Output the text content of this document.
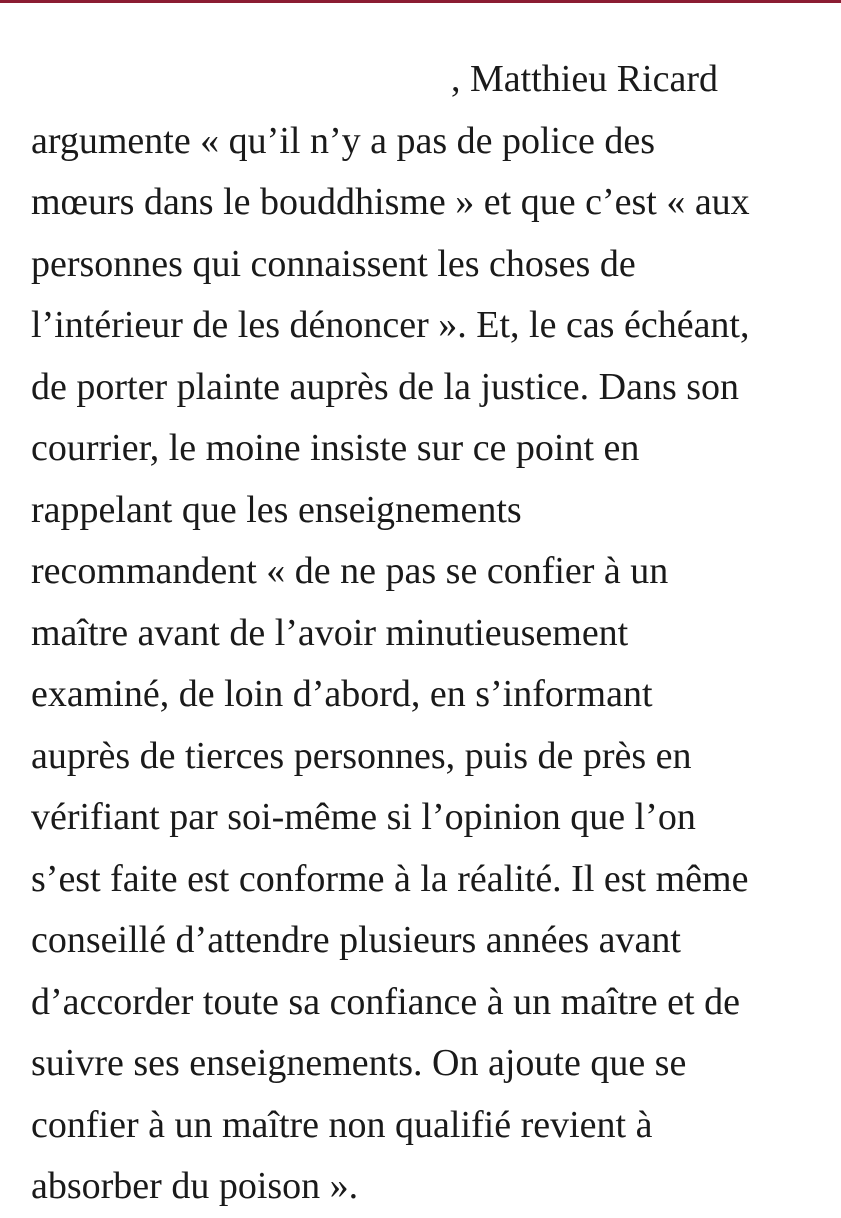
, Matthieu Ricard
argumente « qu’il n’y a pas de police des
mœurs dans le bouddhisme » et que c’est « aux
personnes qui connaissent les choses de
l’intérieur de les dénoncer ». Et, le cas échéant,
de porter plainte auprès de la justice. Dans son
courrier, le moine insiste sur ce point en
rappelant que les enseignements
recommandent « de ne pas se confier à un
maître avant de l’avoir minutieusement
examiné, de loin d’abord, en s’informant
auprès de tierces personnes, puis de près en
vérifiant par soi-même si l’opinion que l’on
s’est faite est conforme à la réalité. Il est même
conseillé d’attendre plusieurs années avant
d’accorder toute sa confiance à un maître et de
suivre ses enseignements. On ajoute que se
confier à un maître non qualifié revient à
absorber du poison ».
